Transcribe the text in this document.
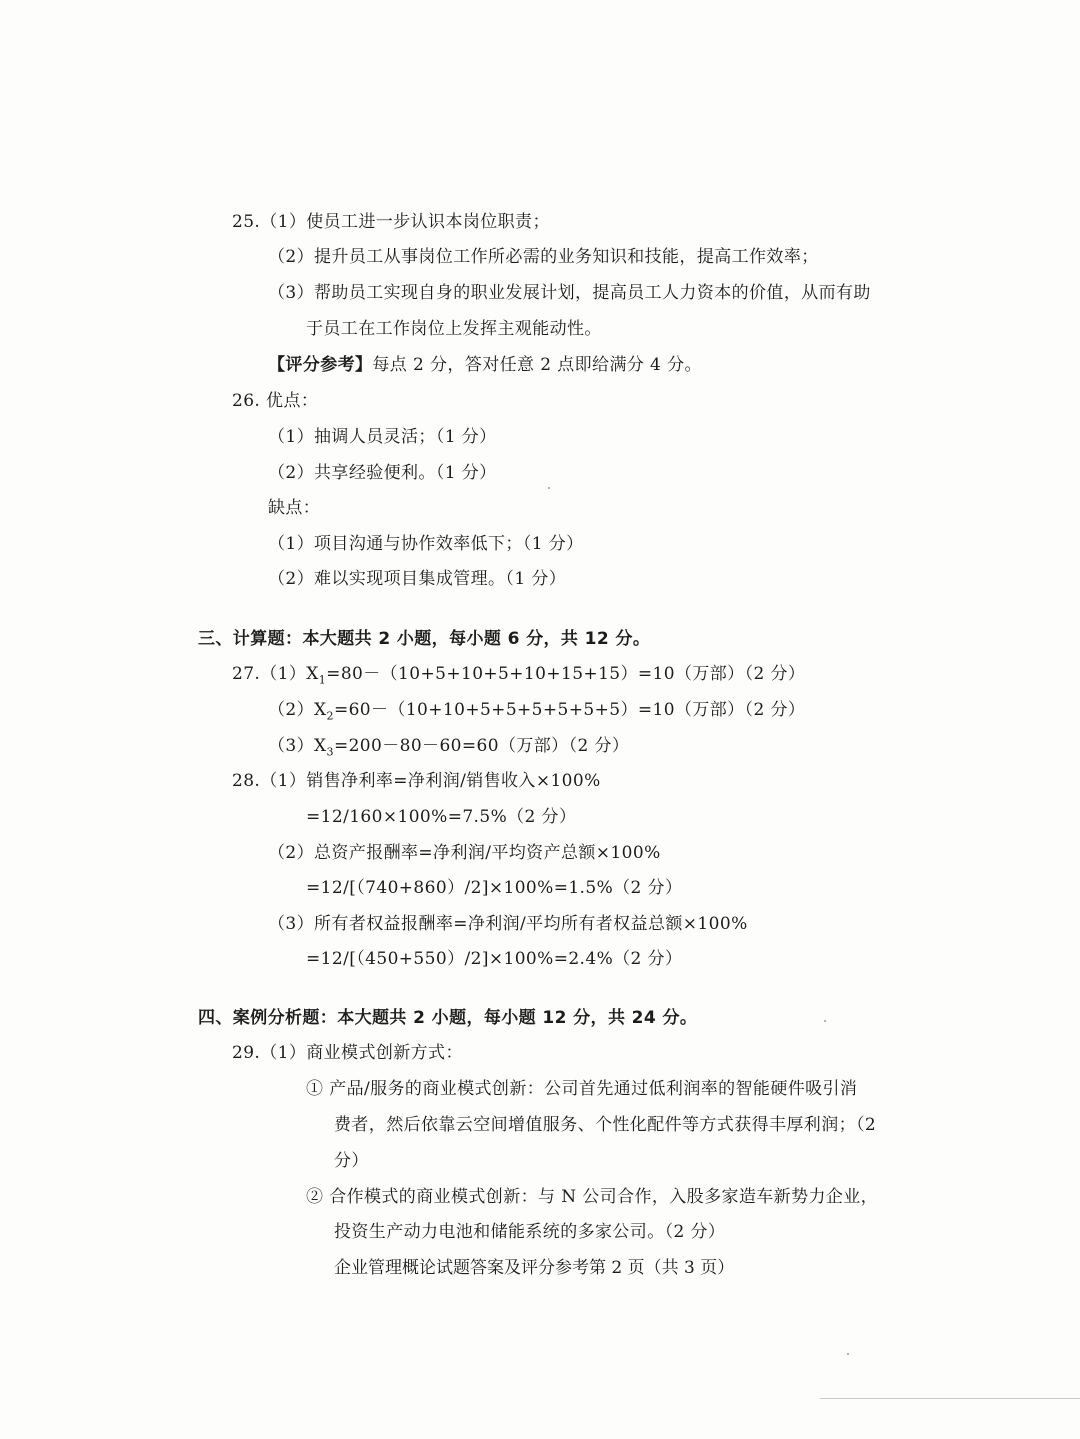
25.（1）使员工进一步认识本岗位职责；
（2）提升员工从事岗位工作所必需的业务知识和技能，提高工作效率；
（3）帮助员工实现自身的职业发展计划，提高员工人力资本的价值，从而有助
于员工在工作岗位上发挥主观能动性。
【评分参考】每点 2 分，答对任意 2 点即给满分 4 分。
26. 优点：
（1）抽调人员灵活；（1 分）
（2）共享经验便利。（1 分）
缺点：
（1）项目沟通与协作效率低下；（1 分）
（2）难以实现项目集成管理。（1 分）
三、计算题：本大题共 2 小题，每小题 6 分，共 12 分。
$27.(1)X_1=80-(10+5+10+5+10+15+15)=10$（万部）（2 分）
$(2)X_2=60-(10+10+5+5+5+5+5+5)=10$（万部）（2 分）
$(3)X_3=200-80-60=60$（万部）（2 分）
28.（1）销售净利率=净利润/销售收入×100%
=12/160×100%=7.5%（2 分）
（2）总资产报酬率=净利润/平均资产总额×100%
=12/[（740+860）/2]×100%=1.5%（2 分）
（3）所有者权益报酬率=净利润/平均所有者权益总额×100%
=12/[（450+550）/2]×100%=2.4%（2 分）
四、案例分析题：本大题共 2 小题，每小题 12 分，共 24 分。
29.（1）商业模式创新方式：
① 产品/服务的商业模式创新：公司首先通过低利润率的智能硬件吸引消
费者，然后依靠云空间增值服务、个性化配件等方式获得丰厚利润；（2
分）
② 合作模式的商业模式创新：与 N 公司合作，入股多家造车新势力企业，
投资生产动力电池和储能系统的多家公司。（2 分）
企业管理概论试题答案及评分参考第 2 页（共 3 页）
